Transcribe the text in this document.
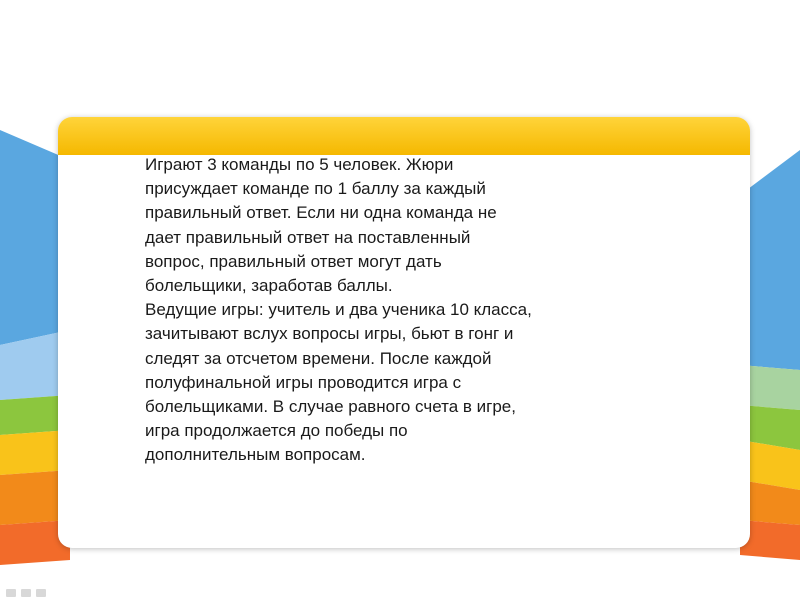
Играют 3 команды по 5 человек. Жюри
присуждает команде по 1 баллу за каждый
правильный ответ. Если ни одна команда не
дает правильный ответ на поставленный
вопрос, правильный ответ могут дать
болельщики, заработав баллы.

Ведущие игры: учитель и два ученика 10 класса,
зачитывают вслух вопросы игры, бьют в гонг и
следят за отсчетом времени. После каждой
полуфинальной игры проводится игра с
болельщиками. В случае равного счета в игре,
игра продолжается до победы по
дополнительным вопросам.
